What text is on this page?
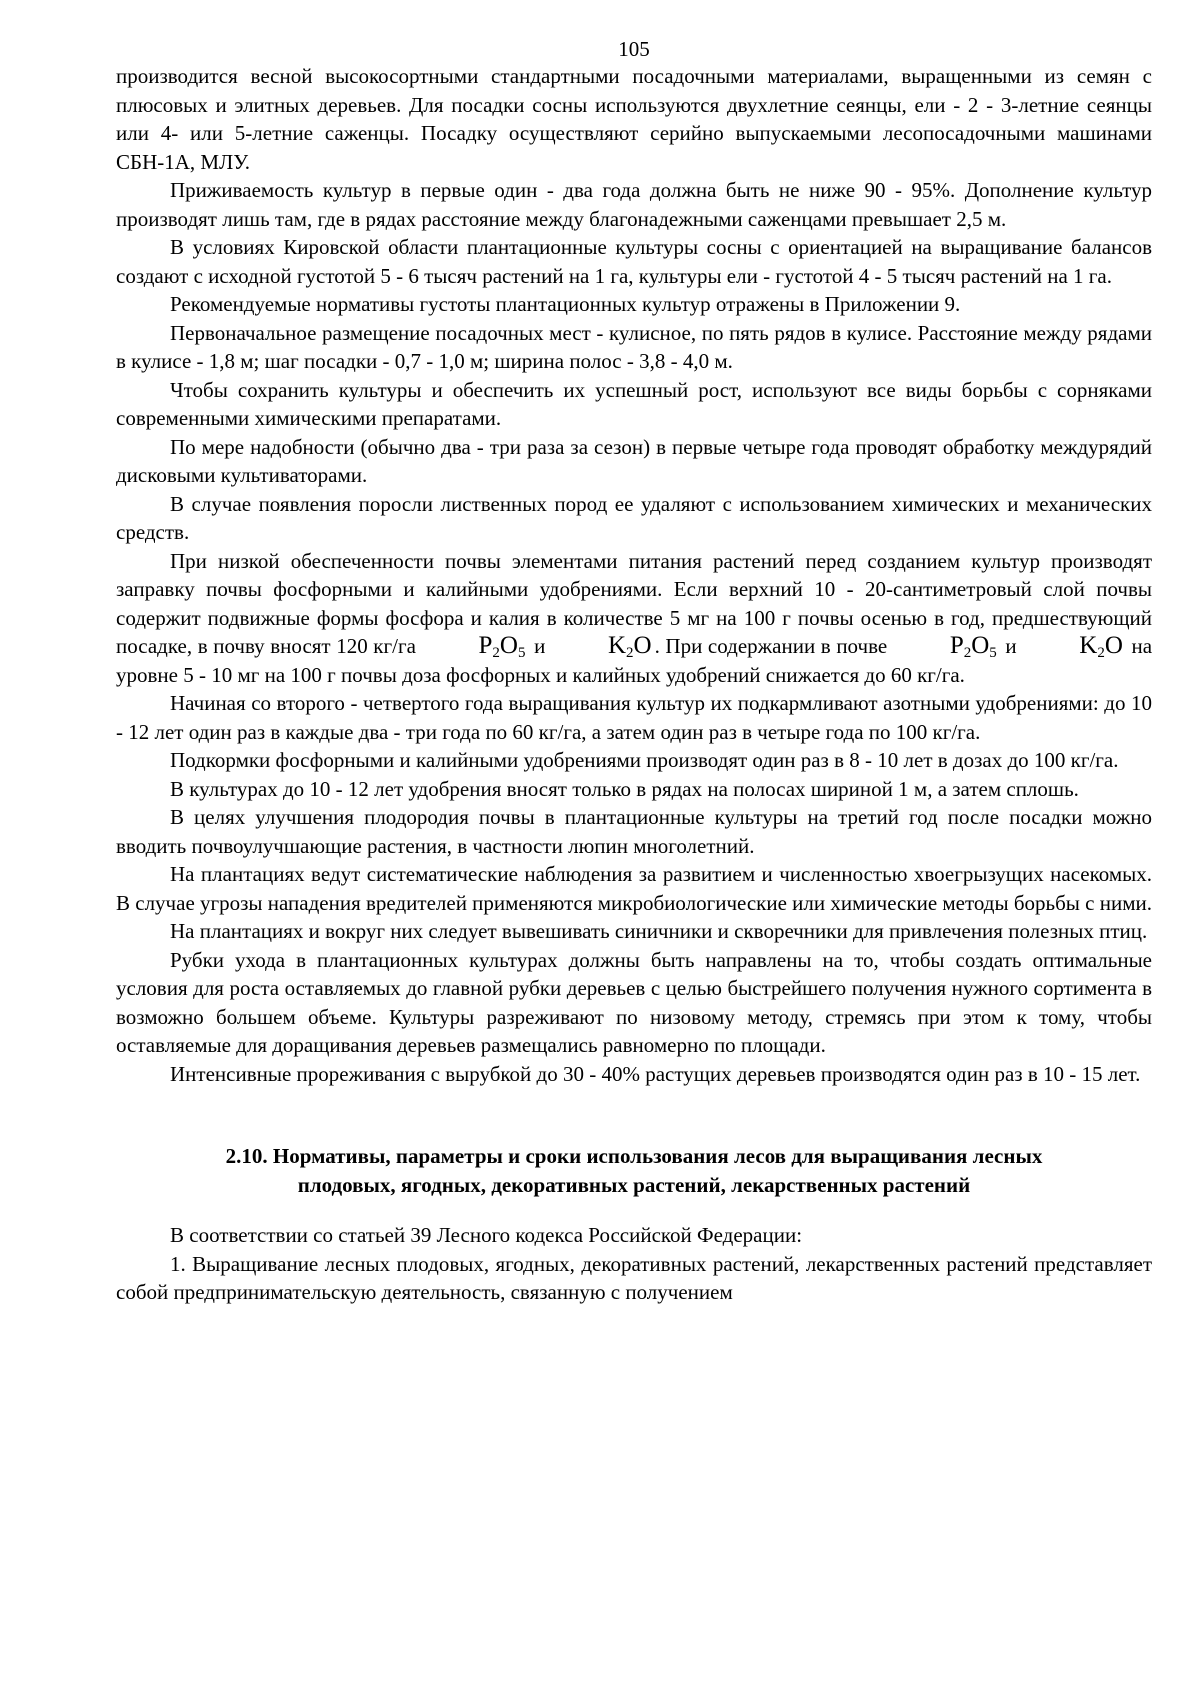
105

производится весной высокосортными стандартными посадочными материалами, выращенными из семян с плюсовых и элитных деревьев. Для посадки сосны используются двухлетние сеянцы, ели - 2 - 3-летние сеянцы или 4- или 5-летние саженцы. Посадку осуществляют серийно выпускаемыми лесопосадочными машинами СБН-1А, МЛУ.

Приживаемость культур в первые один - два года должна быть не ниже 90 - 95%. Дополнение культур производят лишь там, где в рядах расстояние между благонадежными саженцами превышает 2,5 м.

В условиях Кировской области плантационные культуры сосны с ориентацией на выращивание балансов создают с исходной густотой 5 - 6 тысяч растений на 1 га, культуры ели - густотой 4 - 5 тысяч растений на 1 га.

Рекомендуемые нормативы густоты плантационных культур отражены в Приложении 9.

Первоначальное размещение посадочных мест - кулисное, по пять рядов в кулисе. Расстояние между рядами в кулисе - 1,8 м; шаг посадки - 0,7 - 1,0 м; ширина полос - 3,8 - 4,0 м.

Чтобы сохранить культуры и обеспечить их успешный рост, используют все виды борьбы с сорняками современными химическими препаратами.

По мере надобности (обычно два - три раза за сезон) в первые четыре года проводят обработку междурядий дисковыми культиваторами.

В случае появления поросли лиственных пород ее удаляют с использованием химических и механических средств.

При низкой обеспеченности почвы элементами питания растений перед созданием культур производят заправку почвы фосфорными и калийными удобрениями. Если верхний 10 - 20-сантиметровый слой почвы содержит подвижные формы фосфора и калия в количестве 5 мг на 100 г почвы осенью в год, предшествующий посадке, в почву вносят 120 кг/га	$P_2O_5$ и	$K_2O$ . При содержании в почве	$P_2O_5$ и	$K_2O$ на уровне 5 - 10 мг на 100 г почвы доза фосфорных и калийных удобрений снижается до 60 кг/га.

Начиная со второго - четвертого года выращивания культур их подкармливают азотными удобрениями: до 10 - 12 лет один раз в каждые два - три года по 60 кг/га, а затем один раз в четыре года по 100 кг/га.

Подкормки фосфорными и калийными удобрениями производят один раз в 8 - 10 лет в дозах до 100 кг/га.

В культурах до 10 - 12 лет удобрения вносят только в рядах на полосах шириной 1 м, а затем сплошь.

В целях улучшения плодородия почвы в плантационные культуры на третий год после посадки можно вводить почвоулучшающие растения, в частности люпин многолетний.

На плантациях ведут систематические наблюдения за развитием и численностью хвоегрызущих насекомых. В случае угрозы нападения вредителей применяются микробиологические или химические методы борьбы с ними.

На плантациях и вокруг них следует вывешивать синичники и скворечники для привлечения полезных птиц.

Рубки ухода в плантационных культурах должны быть направлены на то, чтобы создать оптимальные условия для роста оставляемых до главной рубки деревьев с целью быстрейшего получения нужного сортимента в возможно большем объеме. Культуры разреживают по низовому методу, стремясь при этом к тому, чтобы оставляемые для доращивания деревьев размещались равномерно по площади.

Интенсивные прореживания с вырубкой до 30 - 40% растущих деревьев производятся один раз в 10 - 15 лет.

2.10. Нормативы, параметры и сроки использования лесов для выращивания лесных
плодовых, ягодных, декоративных растений, лекарственных растений

В соответствии со статьей 39 Лесного кодекса Российской Федерации:

1. Выращивание лесных плодовых, ягодных, декоративных растений, лекарственных растений представляет собой предпринимательскую деятельность, связанную с получением
